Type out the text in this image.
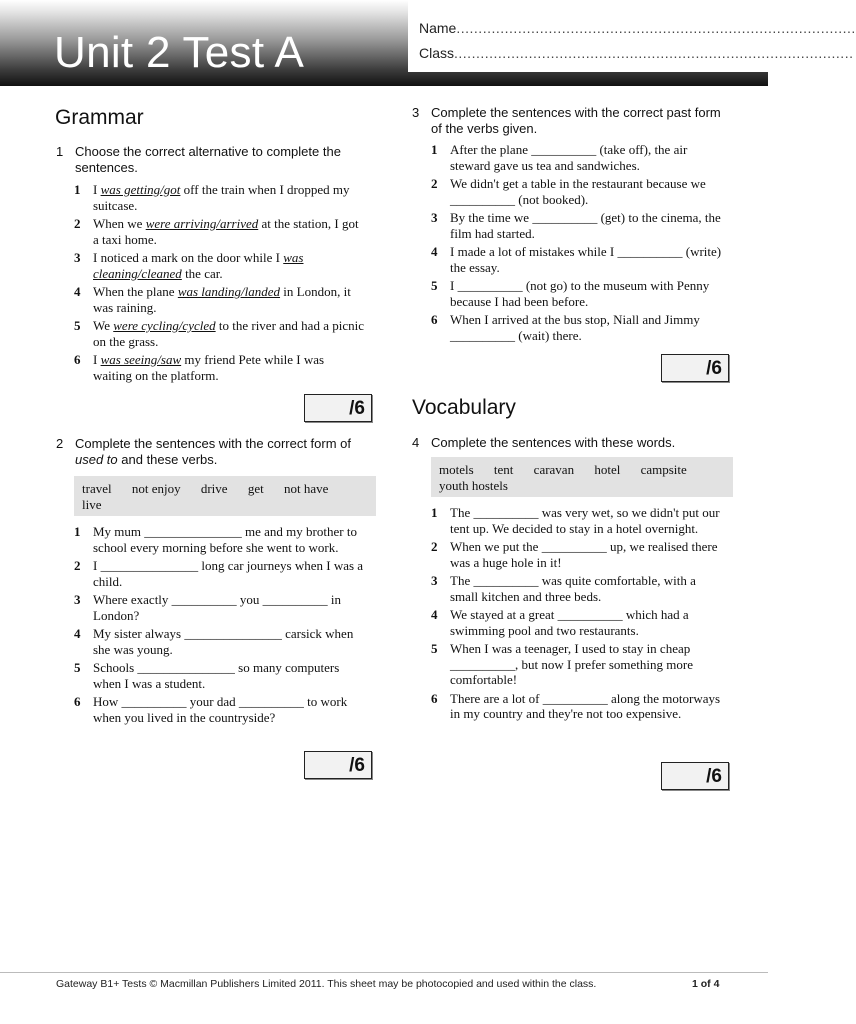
Unit 2 Test A	Name...........................................................................................
Class...........................................................................................
Grammar
1 Choose the correct alternative to complete the sentences.
1 I was getting/got off the train when I dropped my suitcase.
2 When we were arriving/arrived at the station, I got a taxi home.
3 I noticed a mark on the door while I was cleaning/cleaned the car.
4 When the plane was landing/landed in London, it was raining.
5 We were cycling/cycled to the river and had a picnic on the grass.
6 I was seeing/saw my friend Pete while I was waiting on the platform.
/6
2 Complete the sentences with the correct form of used to and these verbs.
travel not enjoy drive get not have live
1 My mum _______________ me and my brother to school every morning before she went to work.
2 I _______________ long car journeys when I was a child.
3 Where exactly __________ you __________ in London?
4 My sister always _______________ carsick when she was young.
5 Schools _______________ so many computers when I was a student.
6 How __________ your dad __________ to work when you lived in the countryside?
/6
3 Complete the sentences with the correct past form of the verbs given.
1 After the plane __________ (take off), the air steward gave us tea and sandwiches.
2 We didn't get a table in the restaurant because we __________ (not booked).
3 By the time we __________ (get) to the cinema, the film had started.
4 I made a lot of mistakes while I __________ (write) the essay.
5 I __________ (not go) to the museum with Penny because I had been before.
6 When I arrived at the bus stop, Niall and Jimmy __________ (wait) there.
/6
Vocabulary
4 Complete the sentences with these words.
motels tent caravan hotel campsite youth hostels
1 The __________ was very wet, so we didn't put our tent up. We decided to stay in a hotel overnight.
2 When we put the __________ up, we realised there was a huge hole in it!
3 The __________ was quite comfortable, with a small kitchen and three beds.
4 We stayed at a great __________ which had a swimming pool and two restaurants.
5 When I was a teenager, I used to stay in cheap __________, but now I prefer something more comfortable!
6 There are a lot of __________ along the motorways in my country and they're not too expensive.
/6
Gateway B1+ Tests © Macmillan Publishers Limited 2011. This sheet may be photocopied and used within the class.	1 of 4
